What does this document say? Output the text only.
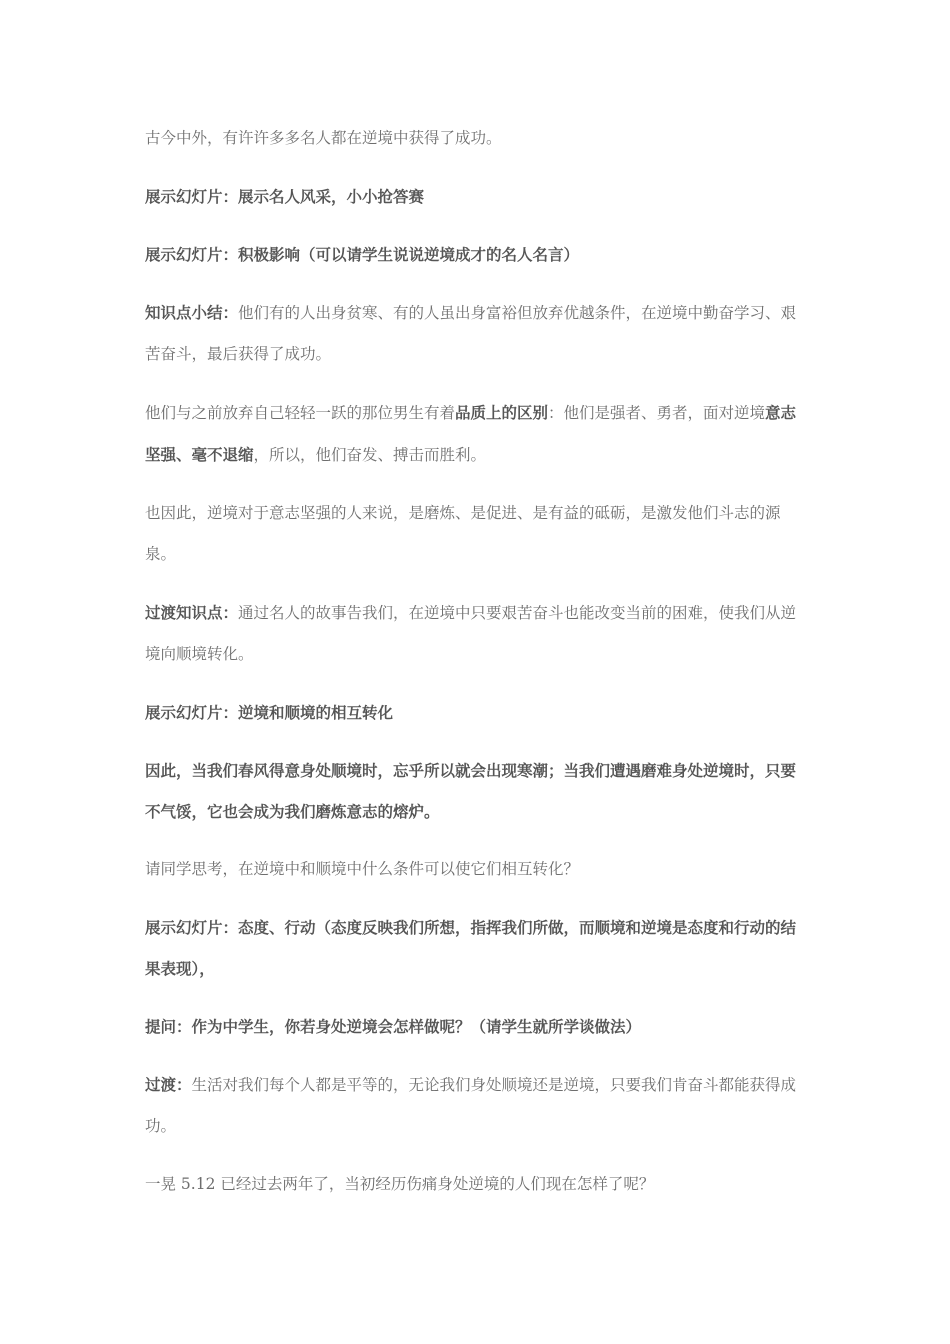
古今中外，有许许多多名人都在逆境中获得了成功。

展示幻灯片：展示名人风采，小小抢答赛

展示幻灯片：积极影响（可以请学生说说逆境成才的名人名言）

知识点小结：他们有的人出身贫寒、有的人虽出身富裕但放弃优越条件，在逆境中勤奋学习、艰苦奋斗，最后获得了成功。

他们与之前放弃自己轻轻一跃的那位男生有着品质上的区别：他们是强者、勇者，面对逆境意志坚强、毫不退缩，所以，他们奋发、搏击而胜利。

也因此，逆境对于意志坚强的人来说，是磨炼、是促进、是有益的砥砺，是激发他们斗志的源泉。

过渡知识点：通过名人的故事告我们，在逆境中只要艰苦奋斗也能改变当前的困难，使我们从逆境向顺境转化。

展示幻灯片：逆境和顺境的相互转化

因此，当我们春风得意身处顺境时，忘乎所以就会出现寒潮；当我们遭遇磨难身处逆境时，只要不气馁，它也会成为我们磨炼意志的熔炉。

请同学思考，在逆境中和顺境中什么条件可以使它们相互转化？

展示幻灯片：态度、行动（态度反映我们所想，指挥我们所做，而顺境和逆境是态度和行动的结果表现），

提问：作为中学生，你若身处逆境会怎样做呢？（请学生就所学谈做法）

过渡：生活对我们每个人都是平等的，无论我们身处顺境还是逆境，只要我们肯奋斗都能获得成功。

一晃 5.12 已经过去两年了，当初经历伤痛身处逆境的人们现在怎样了呢？
